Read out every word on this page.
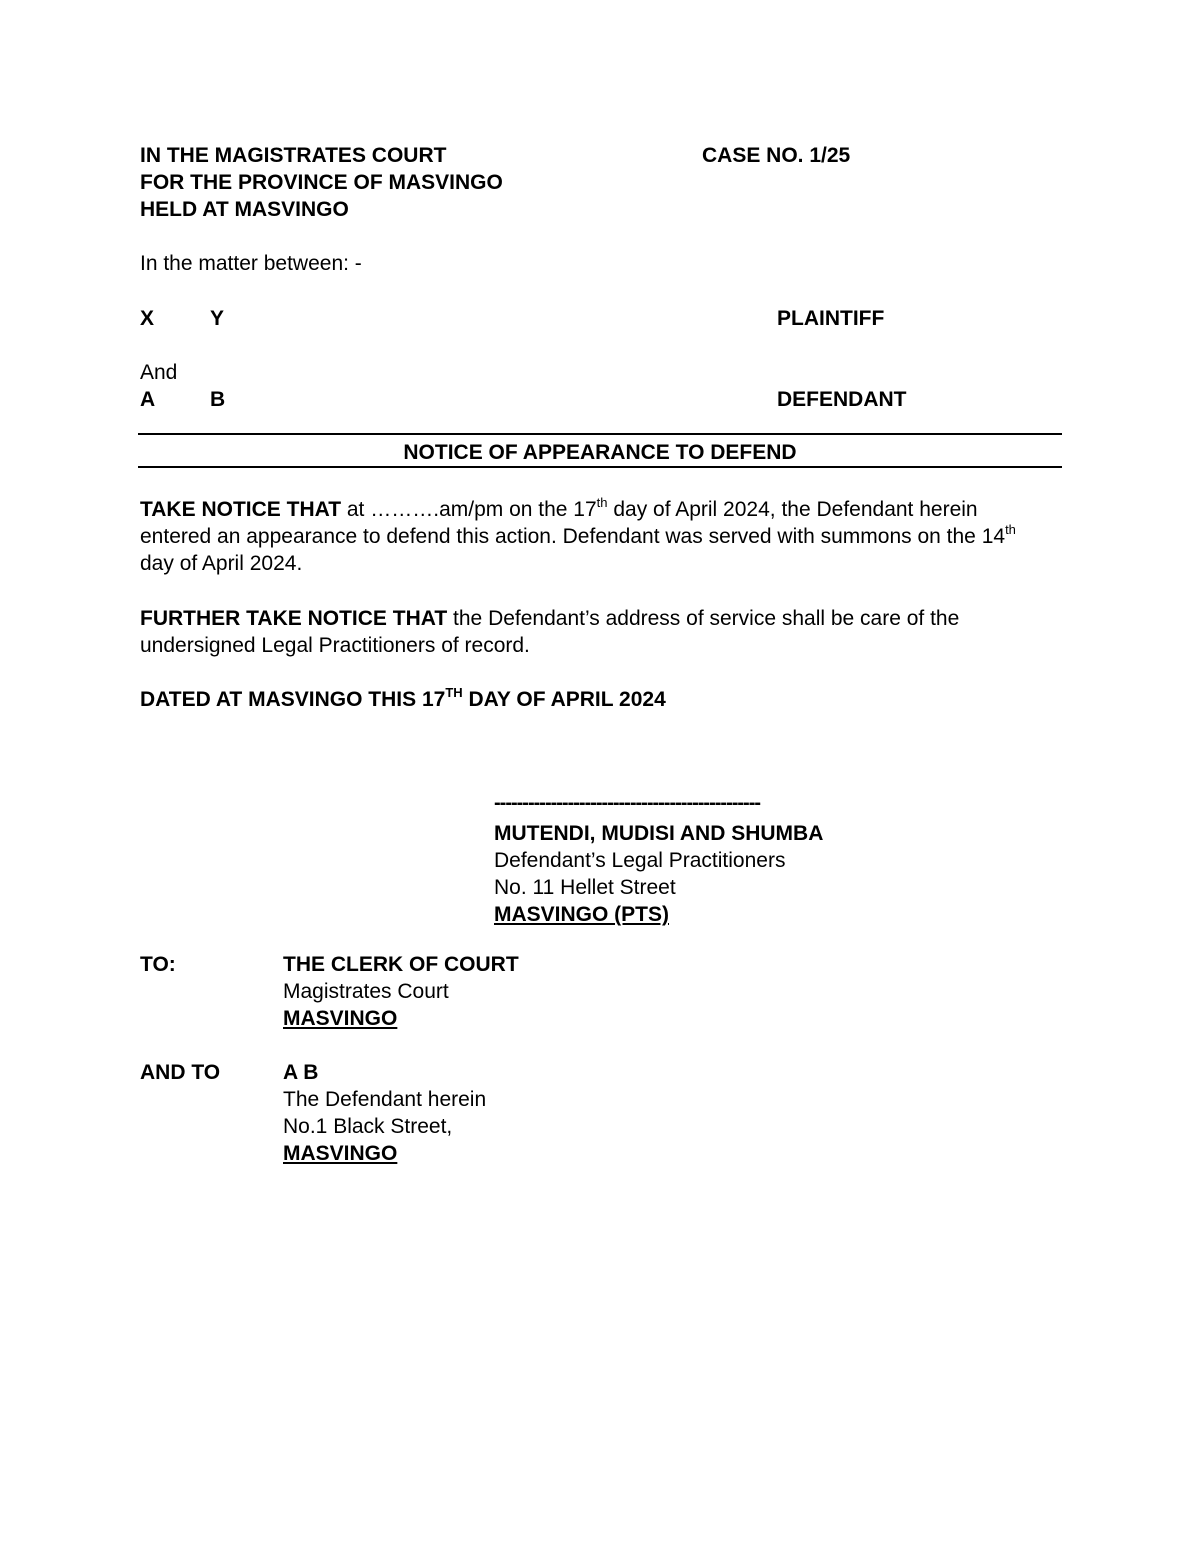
IN THE MAGISTRATES COURT
FOR THE PROVINCE OF MASVINGO
HELD AT MASVINGO
CASE NO. 1/25
In the matter between: -
X	Y	PLAINTIFF
And
A	B	DEFENDANT
NOTICE OF APPEARANCE TO DEFEND
TAKE NOTICE THAT at ……….am/pm on the 17th day of April 2024, the Defendant herein entered an appearance to defend this action. Defendant was served with summons on the 14th day of April 2024.
FURTHER TAKE NOTICE THAT the Defendant’s address of service shall be care of the undersigned Legal Practitioners of record.
DATED AT MASVINGO THIS 17TH DAY OF APRIL 2024
-----------------------------------------------
MUTENDI, MUDISI AND SHUMBA
Defendant’s Legal Practitioners
No. 11 Hellet Street
MASVINGO (PTS)
TO:	THE CLERK OF COURT
Magistrates Court
MASVINGO
AND TO	A B
The Defendant herein
No.1 Black Street,
MASVINGO
